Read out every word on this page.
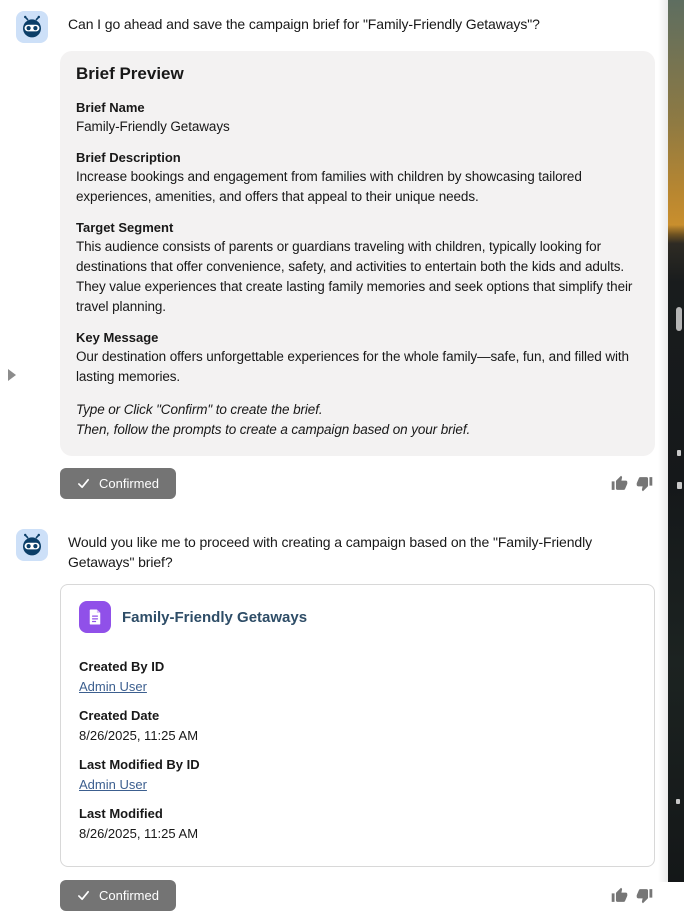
Can I go ahead and save the campaign brief for "Family-Friendly Getaways"?
Brief Preview
Brief Name
Family-Friendly Getaways
Brief Description
Increase bookings and engagement from families with children by showcasing tailored experiences, amenities, and offers that appeal to their unique needs.
Target Segment
This audience consists of parents or guardians traveling with children, typically looking for destinations that offer convenience, safety, and activities to entertain both the kids and adults. They value experiences that create lasting family memories and seek options that simplify their travel planning.
Key Message
Our destination offers unforgettable experiences for the whole family—safe, fun, and filled with lasting memories.
Type or Click "Confirm" to create the brief.
Then, follow the prompts to create a campaign based on your brief.
Confirmed
Would you like me to proceed with creating a campaign based on the "Family-Friendly Getaways" brief?
Family-Friendly Getaways
Created By ID
Admin User
Created Date
8/26/2025, 11:25 AM
Last Modified By ID
Admin User
Last Modified
8/26/2025, 11:25 AM
Confirmed
